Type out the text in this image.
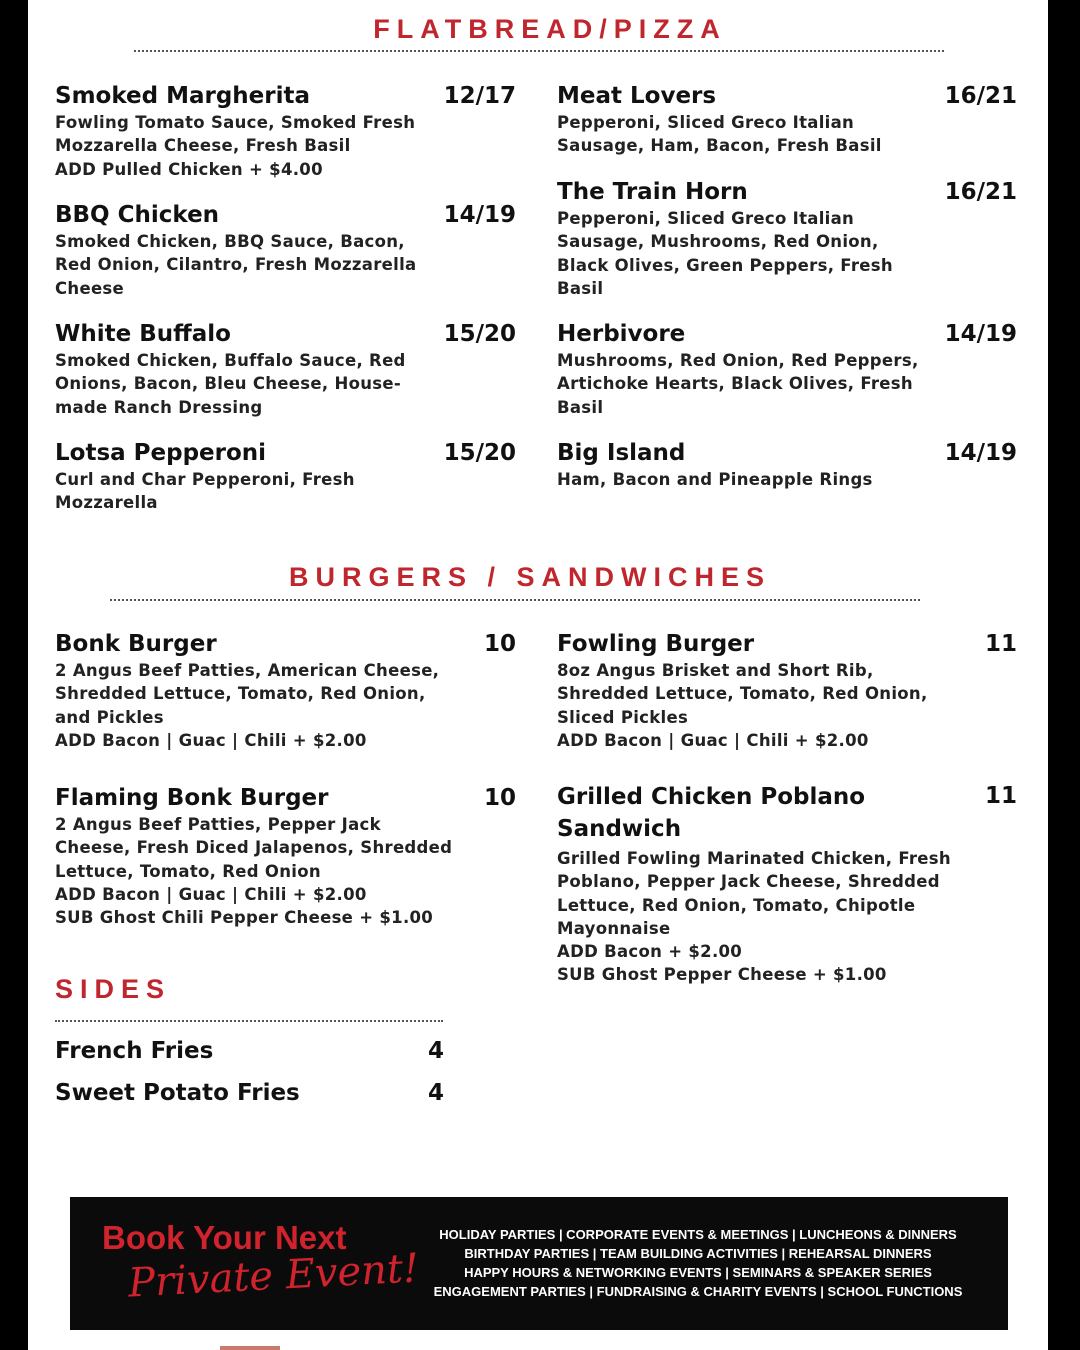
FLATBREAD/PIZZA
Smoked Margherita
Fowling Tomato Sauce, Smoked Fresh
Mozzarella Cheese, Fresh Basil
ADD Pulled Chicken + $4.00
12/17
BBQ Chicken
Smoked Chicken, BBQ Sauce, Bacon,
Red Onion, Cilantro, Fresh Mozzarella
Cheese
14/19
White Buffalo
Smoked Chicken, Buffalo Sauce, Red
Onions, Bacon, Bleu Cheese, House-
made Ranch Dressing
15/20
Lotsa Pepperoni
Curl and Char Pepperoni, Fresh
Mozzarella
15/20
Meat Lovers
Pepperoni, Sliced Greco Italian
Sausage, Ham, Bacon, Fresh Basil
16/21
The Train Horn
Pepperoni, Sliced Greco Italian
Sausage, Mushrooms, Red Onion,
Black Olives, Green Peppers, Fresh
Basil
16/21
Herbivore
Mushrooms, Red Onion, Red Peppers,
Artichoke Hearts, Black Olives, Fresh
Basil
14/19
Big Island
Ham, Bacon and Pineapple Rings
14/19
BURGERS / SANDWICHES
Bonk Burger
2 Angus Beef Patties, American Cheese,
Shredded Lettuce, Tomato, Red Onion,
and Pickles
ADD Bacon | Guac | Chili + $2.00
10
Flaming Bonk Burger
2 Angus Beef Patties, Pepper Jack
Cheese, Fresh Diced Jalapenos, Shredded
Lettuce, Tomato, Red Onion
ADD Bacon | Guac | Chili + $2.00
SUB Ghost Chili Pepper Cheese + $1.00
10
Fowling Burger
8oz Angus Brisket and Short Rib,
Shredded Lettuce, Tomato, Red Onion,
Sliced Pickles
ADD Bacon | Guac | Chili + $2.00
11
Grilled Chicken Poblano
Sandwich
Grilled Fowling Marinated Chicken, Fresh
Poblano, Pepper Jack Cheese, Shredded
Lettuce, Red Onion, Tomato, Chipotle
Mayonnaise
ADD Bacon + $2.00
SUB Ghost Pepper Cheese + $1.00
11
SIDES
French Fries	4
Sweet Potato Fries	4
Book Your Next
Private Event!
HOLIDAY PARTIES | CORPORATE EVENTS & MEETINGS | LUNCHEONS & DINNERS
BIRTHDAY PARTIES | TEAM BUILDING ACTIVITIES | REHEARSAL DINNERS
HAPPY HOURS & NETWORKING EVENTS | SEMINARS & SPEAKER SERIES
ENGAGEMENT PARTIES | FUNDRAISING & CHARITY EVENTS | SCHOOL FUNCTIONS
